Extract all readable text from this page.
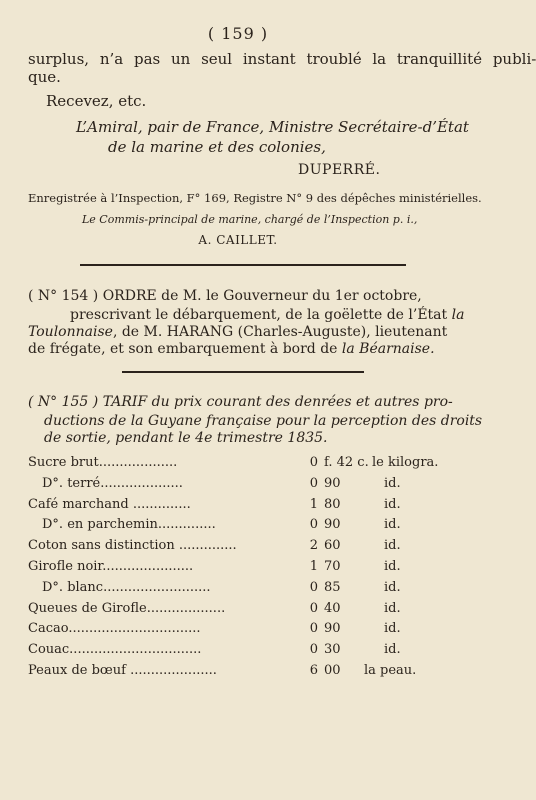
( 159 )
surplus, n’a pas un seul instant troublé la tranquillité publi-
que.
Recevez, etc.
L’Amiral, pair de France, Ministre Secrétaire-d’État
de la marine et des colonies,
DUPERRÉ.
Enregistrée à l’Inspection, F° 169, Registre N° 9 des dépêches ministérielles.
Le Commis-principal de marine, chargé de l’Inspection p. i.,
A. CAILLET.
( N° 154 ) ORDRE de M. le Gouverneur du 1er octobre,
prescrivant le débarquement, de la goëlette de l’État la
Toulonnaise, de M. HARANG (Charles-Auguste), lieutenant
de frégate, et son embarquement à bord de la Béarnaise.
( N° 155 ) TARIF du prix courant des denrées et autres pro-
ductions de la Guyane française pour la perception des droits
de sortie, pendant le 4e trimestre 1835.
Sucre brut...................	0 f. 42 c. le kilogra.
D°. terré....................	0 90	id.
Café marchand ..............	1 80	id.
D°. en parchemin..............	0 90	id.
Coton sans distinction ..............	2 60	id.
Girofle noir......................	1 70	id.
D°. blanc..........................	0 85	id.
Queues de Girofle...................	0 40	id.
Cacao................................	0 90	id.
Couac................................	0 30	id.
Peaux de bœuf .....................	6 00 la peau.
